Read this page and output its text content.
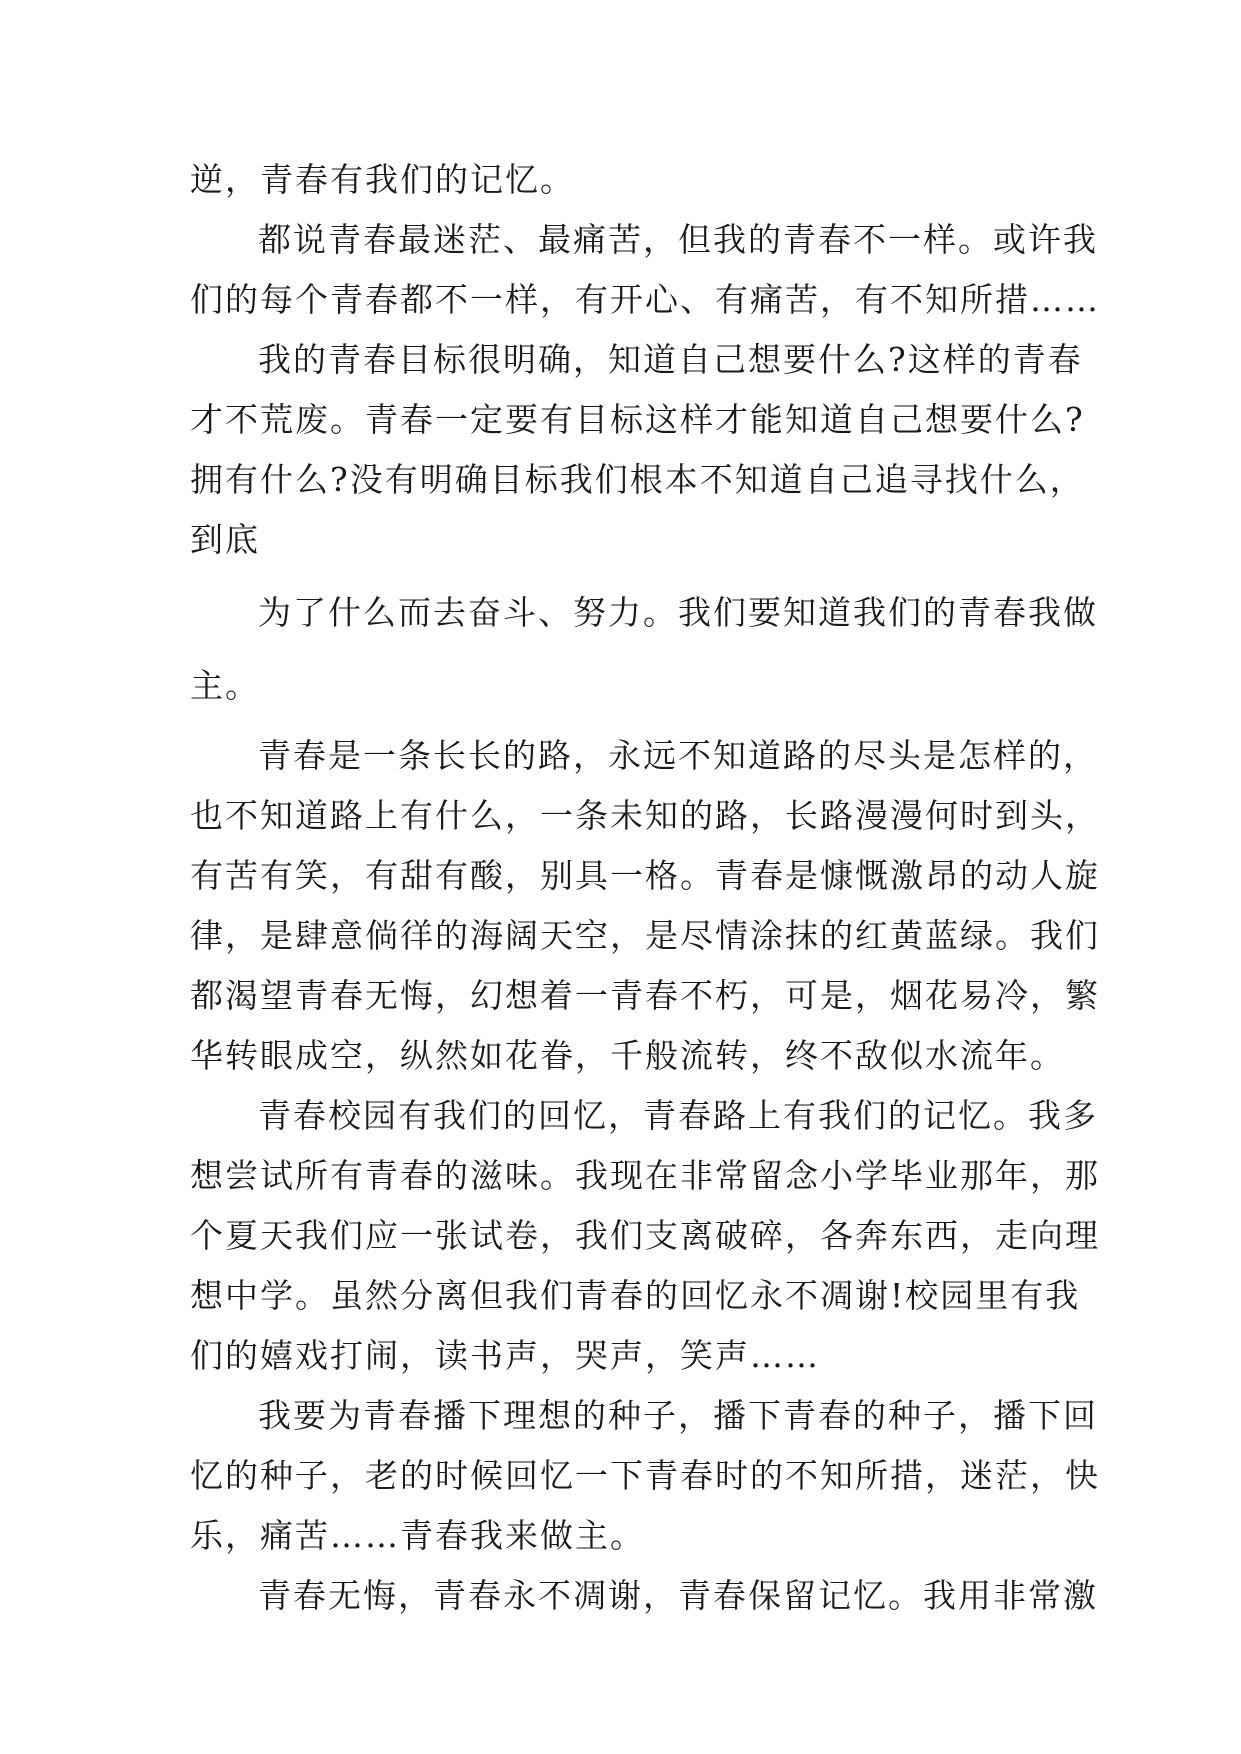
逆，青春有我们的记忆。
都说青春最迷茫、最痛苦，但我的青春不一样。或许我
们的每个青春都不一样，有开心、有痛苦，有不知所措……
我的青春目标很明确，知道自己想要什么?这样的青春
才不荒废。青春一定要有目标这样才能知道自己想要什么?
拥有什么?没有明确目标我们根本不知道自己追寻找什么，
到底
为了什么而去奋斗、努力。我们要知道我们的青春我做
主。
青春是一条长长的路，永远不知道路的尽头是怎样的，
也不知道路上有什么，一条未知的路，长路漫漫何时到头，
有苦有笑，有甜有酸，别具一格。青春是慷慨激昂的动人旋
律，是肆意倘徉的海阔天空，是尽情涂抹的红黄蓝绿。我们
都渴望青春无悔，幻想着一青春不朽，可是，烟花易冷，繁
华转眼成空，纵然如花眷，千般流转，终不敌似水流年。
青春校园有我们的回忆，青春路上有我们的记忆。我多
想尝试所有青春的滋味。我现在非常留念小学毕业那年，那
个夏天我们应一张试卷，我们支离破碎，各奔东西，走向理
想中学。虽然分离但我们青春的回忆永不凋谢!校园里有我
们的嬉戏打闹，读书声，哭声，笑声……
我要为青春播下理想的种子，播下青春的种子，播下回
忆的种子，老的时候回忆一下青春时的不知所措，迷茫，快
乐，痛苦……青春我来做主。
青春无悔，青春永不凋谢，青春保留记忆。我用非常激
